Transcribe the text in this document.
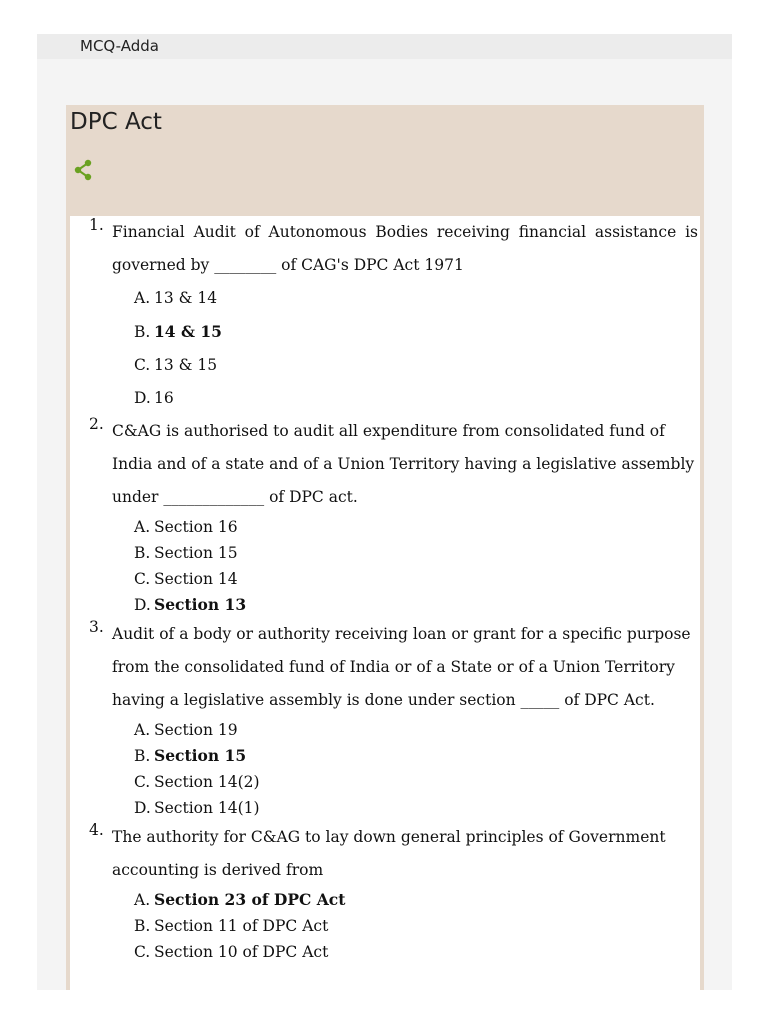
MCQ-Adda
DPC Act
1. Financial Audit of Autonomous Bodies receiving financial assistance is governed by ________ of CAG's DPC Act 1971
A. 13 & 14
B. 14 & 15
C. 13 & 15
D. 16
2. C&AG is authorised to audit all expenditure from consolidated fund of India and of a state and of a Union Territory having a legislative assembly under _____________ of DPC act.
A. Section 16
B. Section 15
C. Section 14
D. Section 13
3. Audit of a body or authority receiving loan or grant for a specific purpose from the consolidated fund of India or of a State or of a Union Territory having a legislative assembly is done under section _____ of DPC Act.
A. Section 19
B. Section 15
C. Section 14(2)
D. Section 14(1)
4. The authority for C&AG to lay down general principles of Government accounting is derived from
A. Section 23 of DPC Act
B. Section 11 of DPC Act
C. Section 10 of DPC Act
